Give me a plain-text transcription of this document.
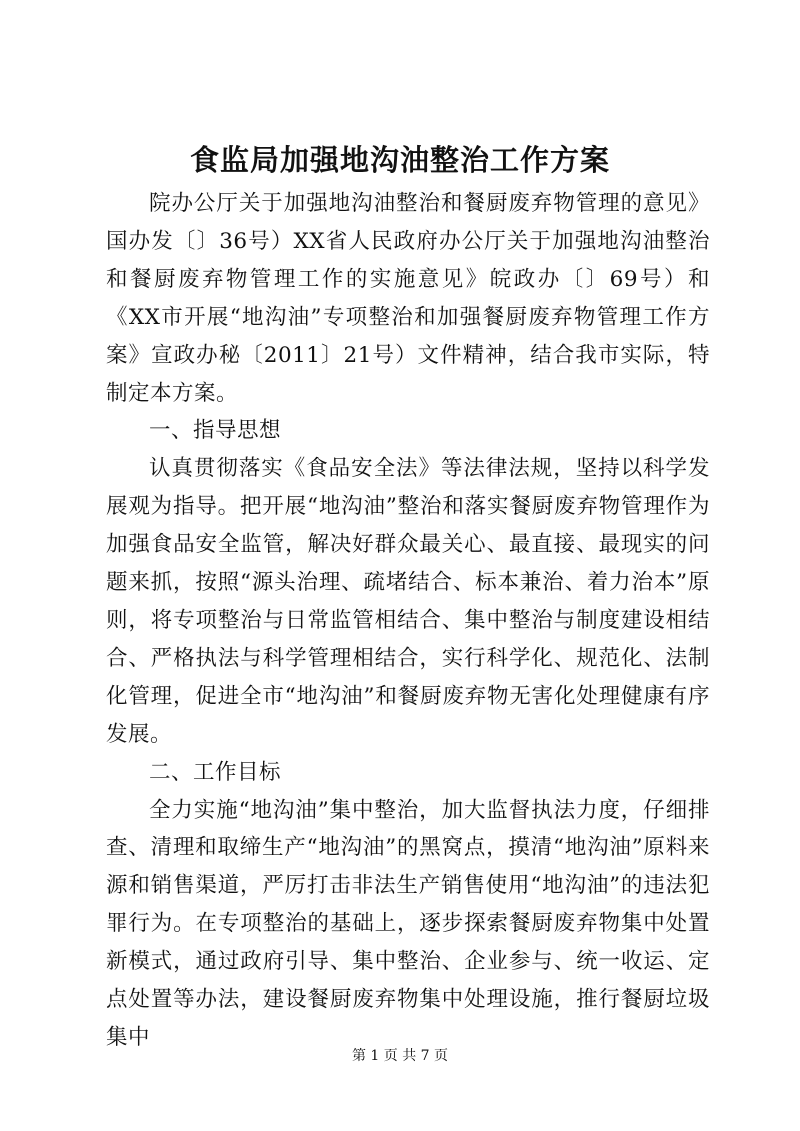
食监局加强地沟油整治工作方案

院办公厅关于加强地沟油整治和餐厨废弃物管理的意见》国办发〔〕36号）XX省人民政府办公厅关于加强地沟油整治和餐厨废弃物管理工作的实施意见》皖政办〔〕69号）和《XX市开展“地沟油”专项整治和加强餐厨废弃物管理工作方案》宣政办秘〔2011〕21号）文件精神，结合我市实际，特制定本方案。

一、指导思想

认真贯彻落实《食品安全法》等法律法规，坚持以科学发展观为指导。把开展“地沟油”整治和落实餐厨废弃物管理作为加强食品安全监管，解决好群众最关心、最直接、最现实的问题来抓，按照“源头治理、疏堵结合、标本兼治、着力治本”原则，将专项整治与日常监管相结合、集中整治与制度建设相结合、严格执法与科学管理相结合，实行科学化、规范化、法制化管理，促进全市“地沟油”和餐厨废弃物无害化处理健康有序发展。

二、工作目标

全力实施“地沟油”集中整治，加大监督执法力度，仔细排查、清理和取缔生产“地沟油”的黑窝点，摸清“地沟油”原料来源和销售渠道，严厉打击非法生产销售使用“地沟油”的违法犯罪行为。在专项整治的基础上，逐步探索餐厨废弃物集中处置新模式，通过政府引导、集中整治、企业参与、统一收运、定点处置等办法，建设餐厨废弃物集中处理设施，推行餐厨垃圾集中

第 1 页 共 7 页
